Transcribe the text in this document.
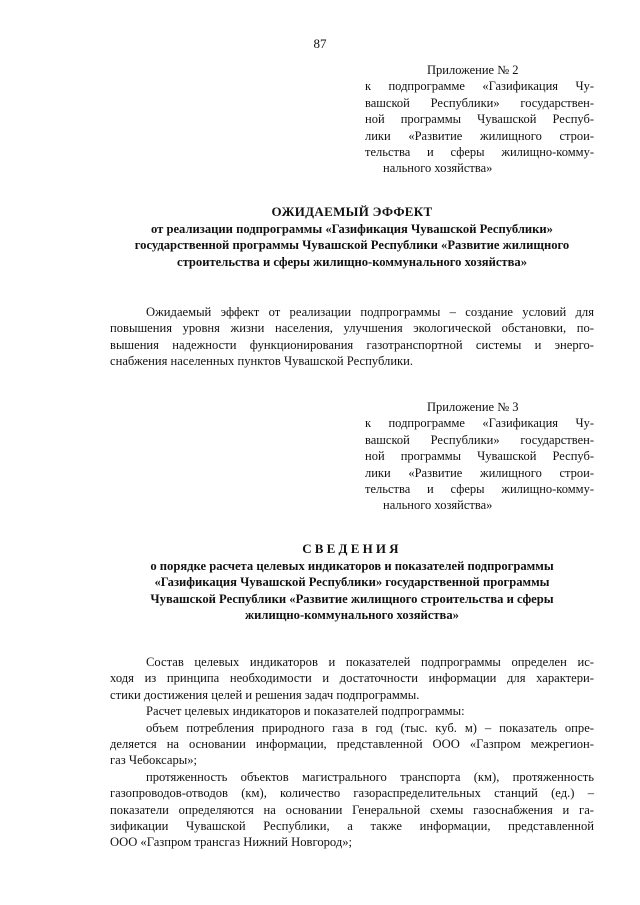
87
Приложение № 2
к подпрограмме «Газификация Чу-
вашской Республики» государствен-
ной программы Чувашской Респуб-
лики «Развитие жилищного строи-
тельства и сферы жилищно-комму-
нального хозяйства»
ОЖИДАЕМЫЙ ЭФФЕКТ
от реализации подпрограммы «Газификация Чувашской Республики»
государственной программы Чувашской Республики «Развитие жилищного
строительства и сферы жилищно-коммунального хозяйства»
Ожидаемый эффект от реализации подпрограммы – создание условий для
повышения уровня жизни населения, улучшения экологической обстановки, по-
вышения надежности функционирования газотранспортной системы и энерго-
снабжения населенных пунктов Чувашской Республики.
Приложение № 3
к подпрограмме «Газификация Чу-
вашской Республики» государствен-
ной программы Чувашской Респуб-
лики «Развитие жилищного строи-
тельства и сферы жилищно-комму-
нального хозяйства»
СВЕДЕНИЯ
о порядке расчета целевых индикаторов и показателей подпрограммы
«Газификация Чувашской Республики» государственной программы
Чувашской Республики «Развитие жилищного строительства и сферы
жилищно-коммунального хозяйства»
Состав целевых индикаторов и показателей подпрограммы определен ис-
ходя из принципа необходимости и достаточности информации для характери-
стики достижения целей и решения задач подпрограммы.
Расчет целевых индикаторов и показателей подпрограммы:
объем потребления природного газа в год (тыс. куб. м) – показатель опре-
деляется на основании информации, представленной ООО «Газпром межрегион-
газ Чебоксары»;
протяженность объектов магистрального транспорта (км), протяженность
газопроводов-отводов (км), количество газораспределительных станций (ед.) –
показатели определяются на основании Генеральной схемы газоснабжения и га-
зификации Чувашской Республики, а также информации, представленной
ООО «Газпром трансгаз Нижний Новгород»;
